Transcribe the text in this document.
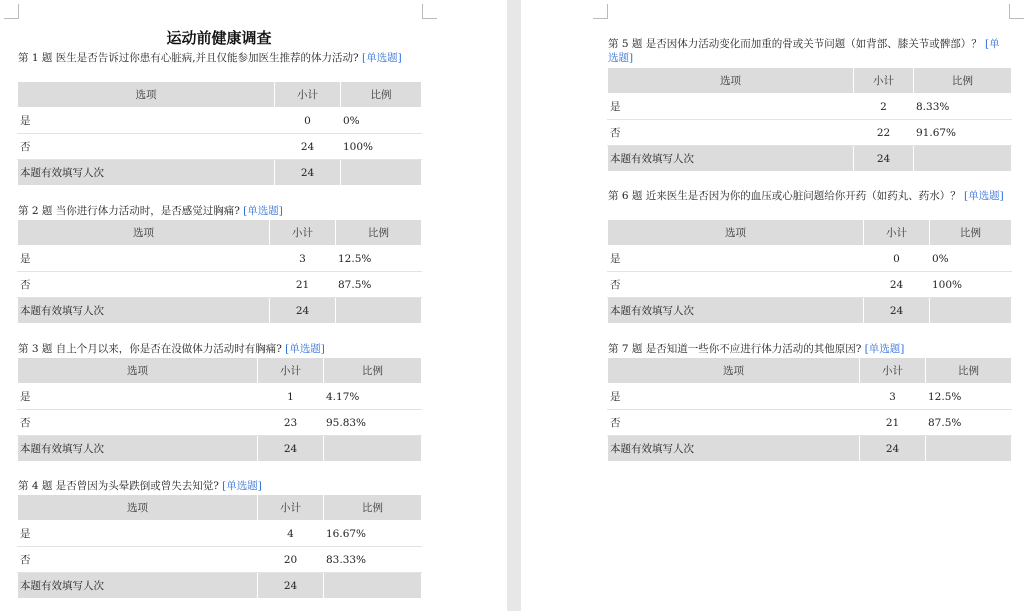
运动前健康调查
第 1 题 医生是否告诉过你患有心脏病,并且仅能参加医生推荐的体力活动? [单选题]
选项	小计	比例
是	0	0%
否	24	100%
本题有效填写人次	24	
第 2 题 当你进行体力活动时，是否感觉过胸痛? [单选题]
选项	小计	比例
是	3	12.5%
否	21	87.5%
本题有效填写人次	24	
第 3 题 自上个月以来，你是否在没做体力活动时有胸痛? [单选题]
选项	小计	比例
是	1	4.17%
否	23	95.83%
本题有效填写人次	24	
第 4 题 是否曾因为头晕跌倒或曾失去知觉? [单选题]
选项	小计	比例
是	4	16.67%
否	20	83.33%
本题有效填写人次	24	
第 5 题 是否因体力活动变化而加重的骨或关节问题（如背部、膝关节或髀部）？ [单选题]
选项	小计	比例
是	2	8.33%
否	22	91.67%
本题有效填写人次	24	
第 6 题 近来医生是否因为你的血压或心脏问题给你开药（如药丸、药水）？ [单选题]
选项	小计	比例
是	0	0%
否	24	100%
本题有效填写人次	24	
第 7 题 是否知道一些你不应进行体力活动的其他原因? [单选题]
选项	小计	比例
是	3	12.5%
否	21	87.5%
本题有效填写人次	24	
